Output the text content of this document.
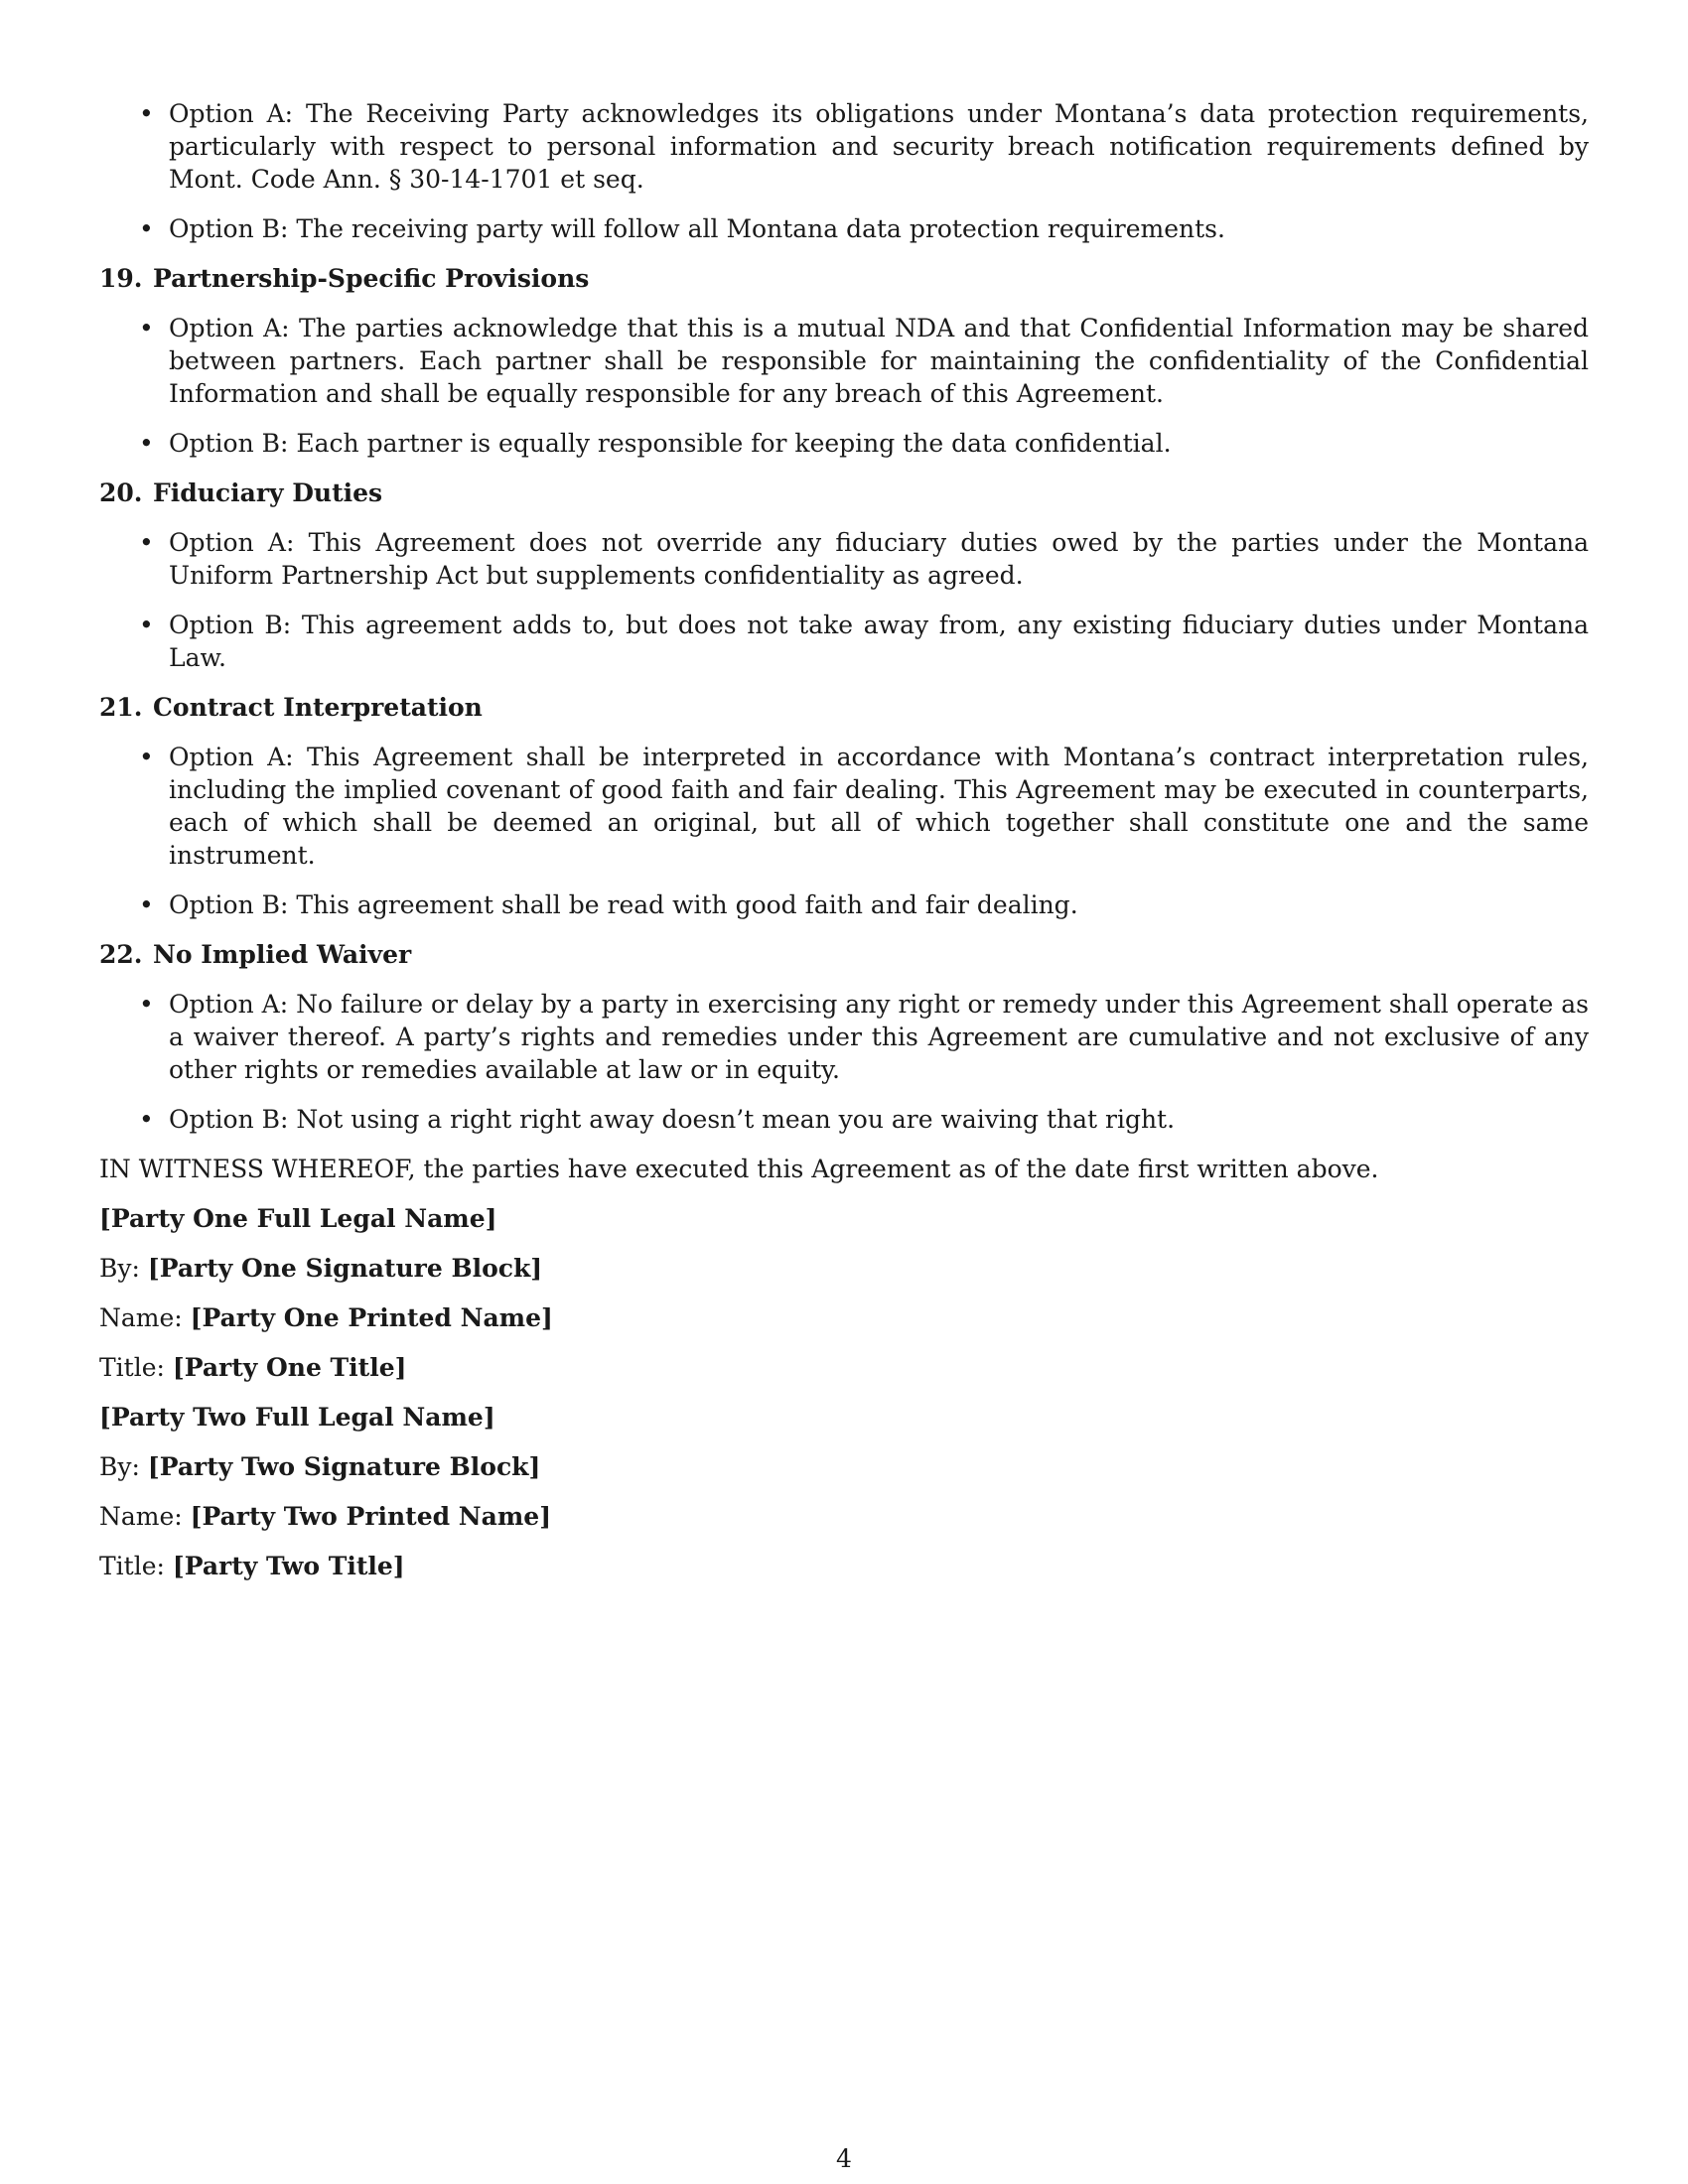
• Option A: The Receiving Party acknowledges its obligations under Montana’s data protection requirements, particularly with respect to personal information and security breach notification requirements defined by Mont. Code Ann. § 30-14-1701 et seq.
• Option B: The receiving party will follow all Montana data protection requirements.
19. Partnership-Specific Provisions
• Option A: The parties acknowledge that this is a mutual NDA and that Confidential Information may be shared between partners. Each partner shall be responsible for maintaining the confidentiality of the Confidential Information and shall be equally responsible for any breach of this Agreement.
• Option B: Each partner is equally responsible for keeping the data confidential.
20. Fiduciary Duties
• Option A: This Agreement does not override any fiduciary duties owed by the parties under the Montana Uniform Partnership Act but supplements confidentiality as agreed.
• Option B: This agreement adds to, but does not take away from, any existing fiduciary duties under Montana Law.
21. Contract Interpretation
• Option A: This Agreement shall be interpreted in accordance with Montana’s contract interpretation rules, including the implied covenant of good faith and fair dealing. This Agreement may be executed in counterparts, each of which shall be deemed an original, but all of which together shall constitute one and the same instrument.
• Option B: This agreement shall be read with good faith and fair dealing.
22. No Implied Waiver
• Option A: No failure or delay by a party in exercising any right or remedy under this Agreement shall operate as a waiver thereof. A party’s rights and remedies under this Agreement are cumulative and not exclusive of any other rights or remedies available at law or in equity.
• Option B: Not using a right right away doesn’t mean you are waiving that right.

IN WITNESS WHEREOF, the parties have executed this Agreement as of the date first written above.

[Party One Full Legal Name]

By: [Party One Signature Block]

Name: [Party One Printed Name]

Title: [Party One Title]

[Party Two Full Legal Name]

By: [Party Two Signature Block]

Name: [Party Two Printed Name]

Title: [Party Two Title]

4
